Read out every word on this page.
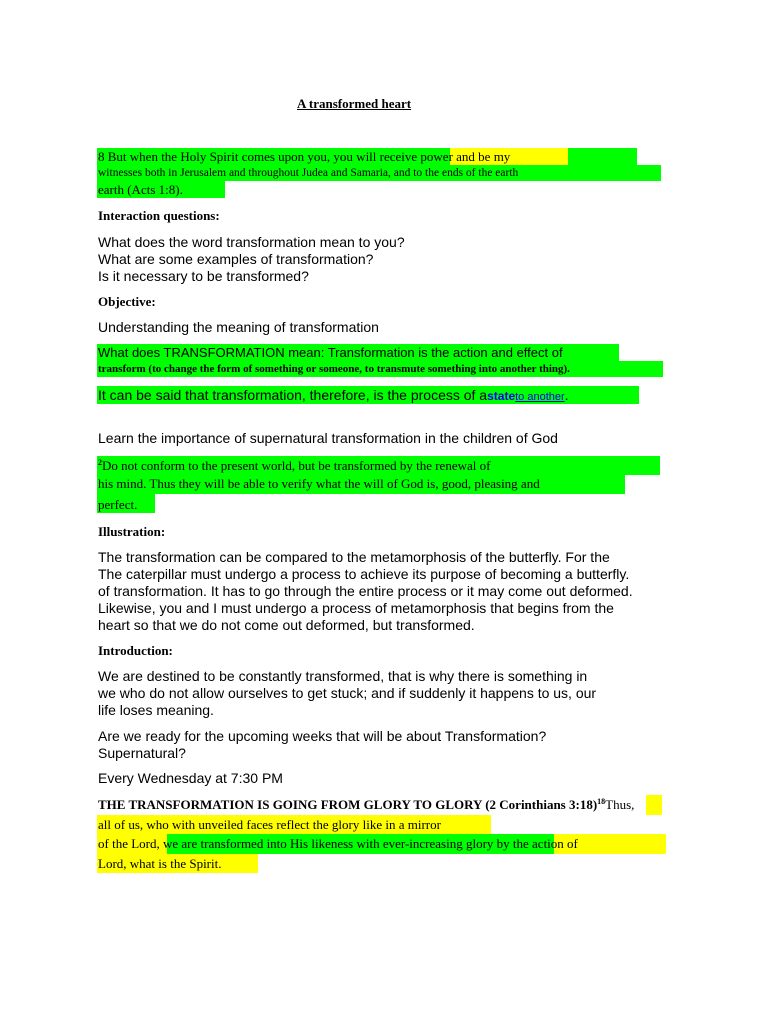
A transformed heart
8 But when the Holy Spirit comes upon you, you will receive power and be my
witnesses both in Jerusalem and throughout Judea and Samaria, and to the ends of the earth
earth (Acts 1:8).
Interaction questions:
What does the word transformation mean to you?
What are some examples of transformation?
Is it necessary to be transformed?
Objective:
Understanding the meaning of transformation
What does TRANSFORMATION mean: Transformation is the action and effect of
transform (to change the form of something or someone, to transmute something into another thing).
It can be said that transformation, therefore, is the process of astateto another.
Learn the importance of supernatural transformation in the children of God
$^2$Do not conform to the present world, but be transformed by the renewal of
his mind. Thus they will be able to verify what the will of God is, good, pleasing and
perfect.
Illustration:
The transformation can be compared to the metamorphosis of the butterfly. For the
The caterpillar must undergo a process to achieve its purpose of becoming a butterfly.
of transformation. It has to go through the entire process or it may come out deformed.
Likewise, you and I must undergo a process of metamorphosis that begins from the
heart so that we do not come out deformed, but transformed.
Introduction:
We are destined to be constantly transformed, that is why there is something in
we who do not allow ourselves to get stuck; and if suddenly it happens to us, our
life loses meaning.
Are we ready for the upcoming weeks that will be about Transformation?
Supernatural?
Every Wednesday at 7:30 PM
THE TRANSFORMATION IS GOING FROM GLORY TO GLORY (2 Corinthians 3:18)$^{18}$Thus,
all of us, who with unveiled faces reflect the glory like in a mirror
of the Lord, we are transformed into His likeness with ever-increasing glory by the action of
Lord, what is the Spirit.
